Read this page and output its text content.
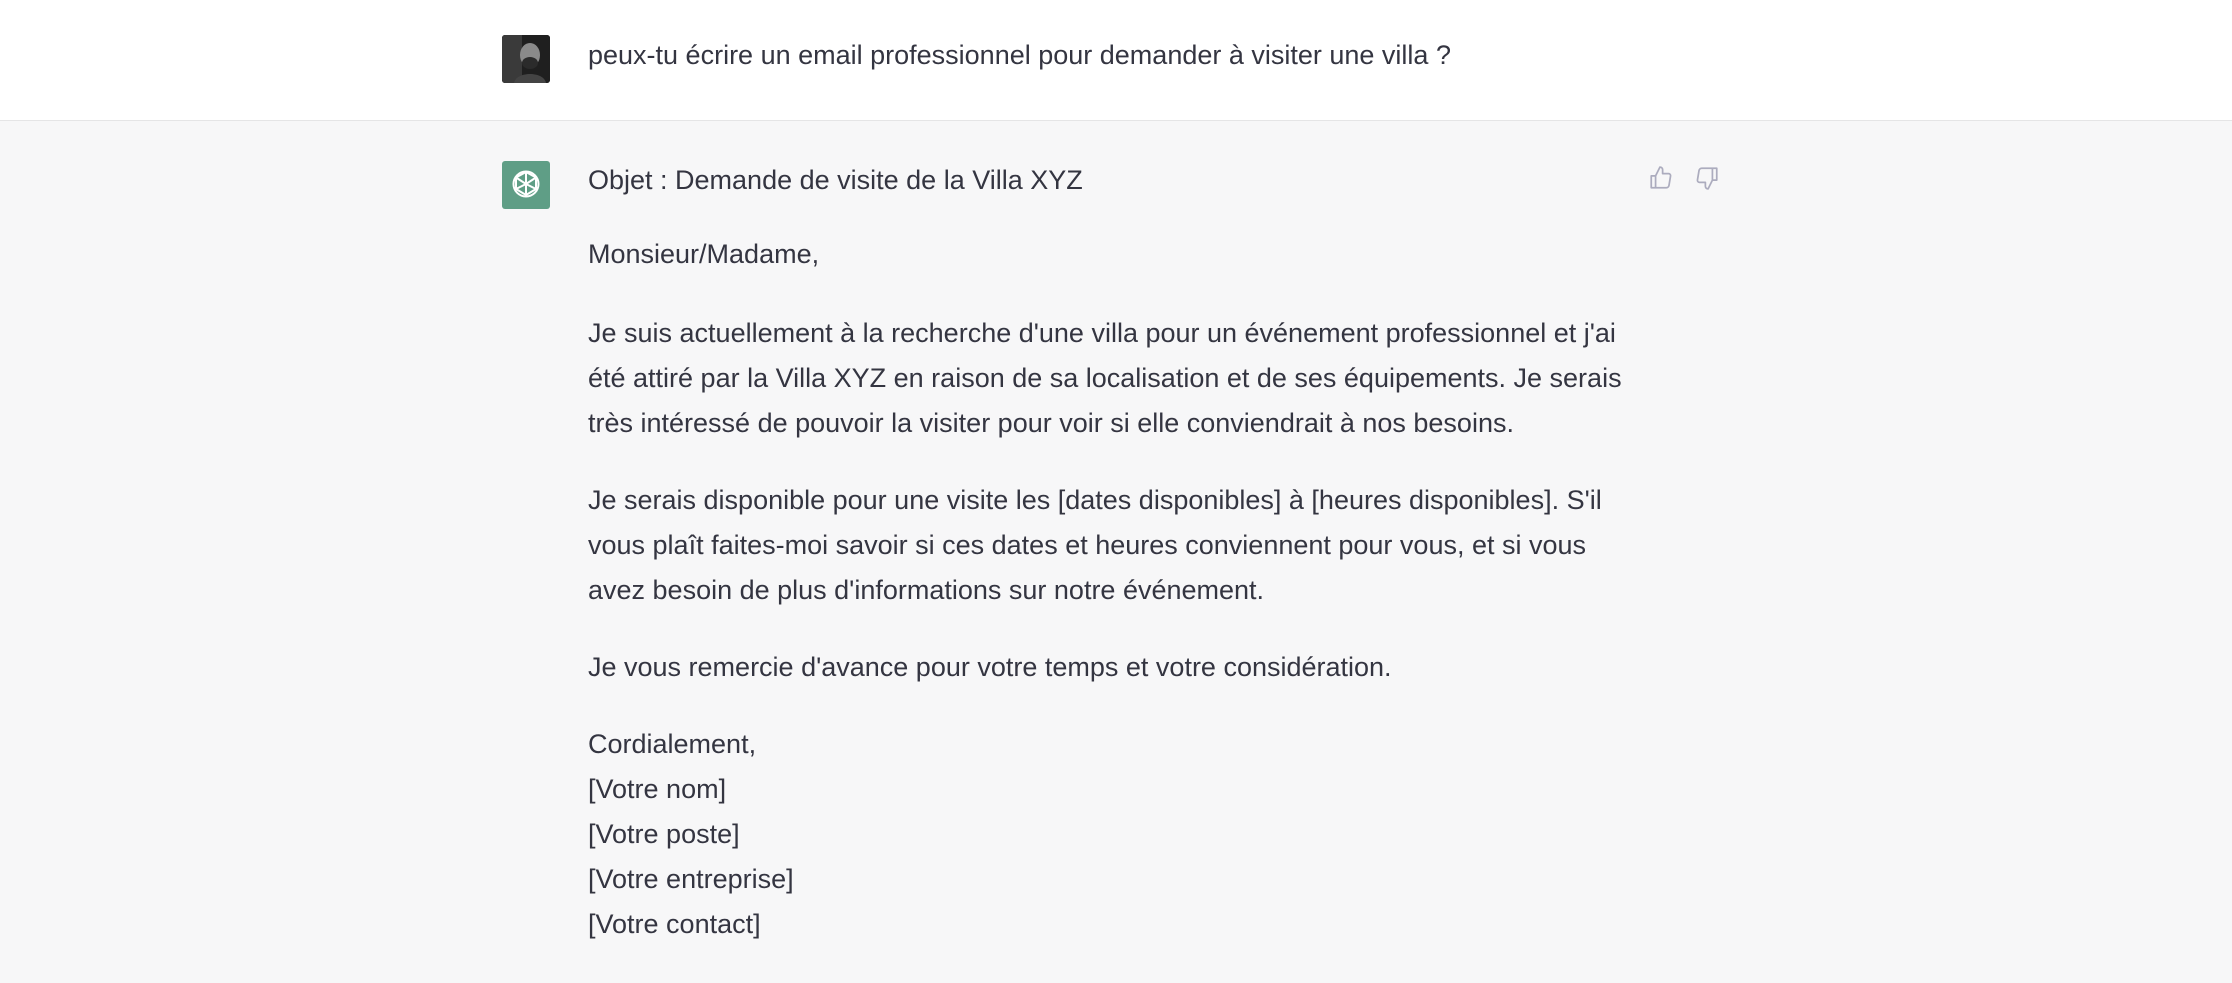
peux-tu écrire un email professionnel pour demander à visiter une villa ?

Objet : Demande de visite de la Villa XYZ

Monsieur/Madame,

Je suis actuellement à la recherche d'une villa pour un événement professionnel et j'ai été attiré par la Villa XYZ en raison de sa localisation et de ses équipements. Je serais très intéressé de pouvoir la visiter pour voir si elle conviendrait à nos besoins.

Je serais disponible pour une visite les [dates disponibles] à [heures disponibles]. S'il vous plaît faites-moi savoir si ces dates et heures conviennent pour vous, et si vous avez besoin de plus d'informations sur notre événement.

Je vous remercie d'avance pour votre temps et votre considération.

Cordialement,
[Votre nom]
[Votre poste]
[Votre entreprise]
[Votre contact]
